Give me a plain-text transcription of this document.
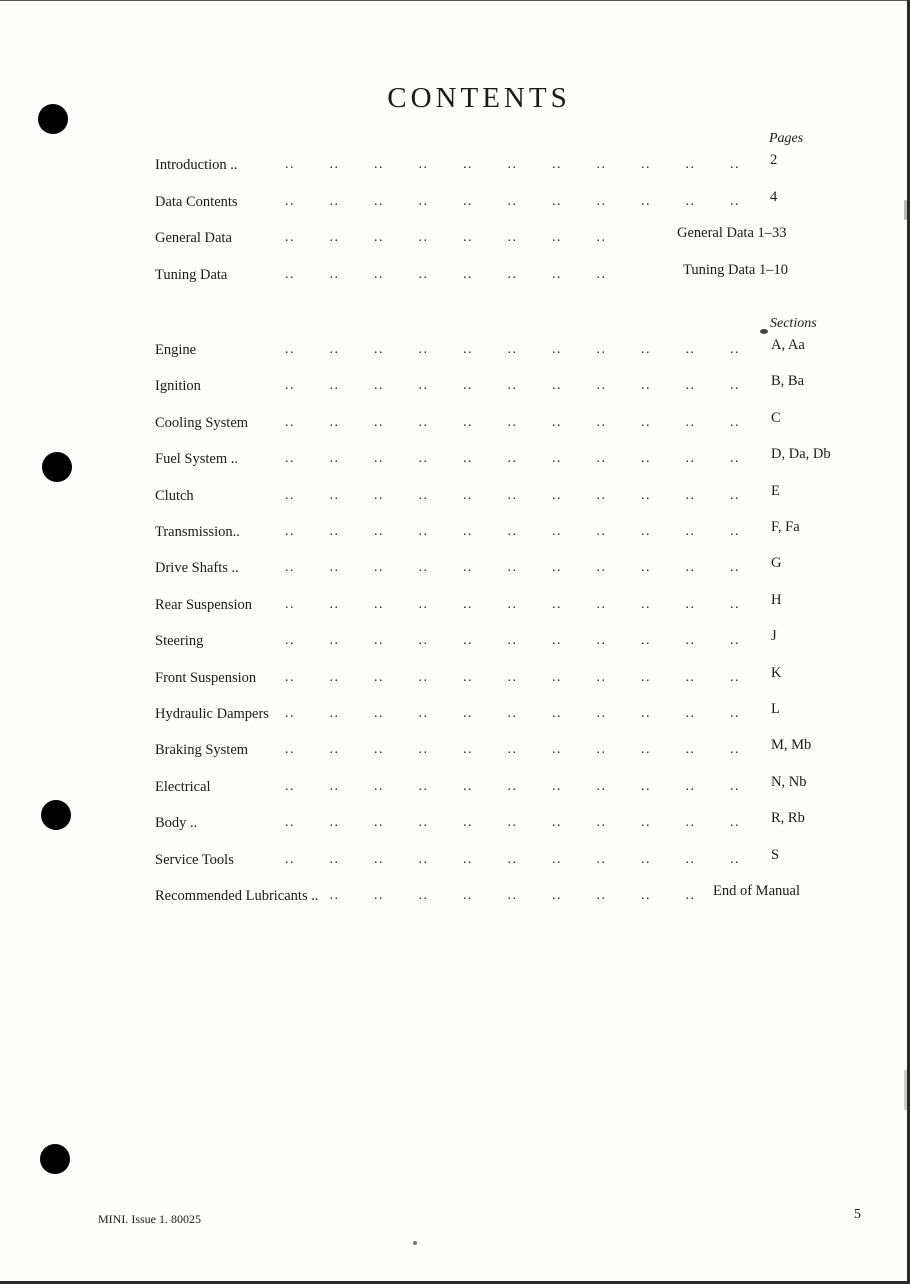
CONTENTS
Pages
Sections
Introduction ..	. .	. .	. .	. .	. .	. .	. .	. .	. .	. .	. . 2
Data Contents	. .	. .	. .	. .	. .	. .	. .	. .	. .	. .	. . 4
General Data	. .	. .	. .	. .	. .	. .	. .	. .	General Data 1–33
Tuning Data	. .	. .	. .	. .	. .	. .	. .	. .	Tuning Data 1–10
Engine	. .	. .	. .	. .	. .	. .	. .	. .	. .	. .	. . A, Aa
Ignition	. .	. .	. .	. .	. .	. .	. .	. .	. .	. .	. . B, Ba
Cooling System	. .	. .	. .	. .	. .	. .	. .	. .	. .	. .	. . C
Fuel System ..	. .	. .	. .	. .	. .	. .	. .	. .	. .	. .	. . D, Da, Db
Clutch	. .	. .	. .	. .	. .	. .	. .	. .	. .	. .	. . E
Transmission..	. .	. .	. .	. .	. .	. .	. .	. .	. .	. .	. . F, Fa
Drive Shafts ..	. .	. .	. .	. .	. .	. .	. .	. .	. .	. .	. . G
Rear Suspension . .	. .	. .	. .	. .	. .	. .	. .	. .	. .	. . H
Steering	. .	. .	. .	. .	. .	. .	. .	. .	. .	. .	. . J
Front Suspension . .	. .	. .	. .	. .	. .	. .	. .	. .	. .	. . K
Hydraulic Dampers . .	. .	. .	. .	. .	. .	. .	. .	. .	. .	. . L
Braking System	. .	. .	. .	. .	. .	. .	. .	. .	. .	. .	. . M, Mb
Electrical	. .	. .	. .	. .	. .	. .	. .	. .	. .	. .	. . N, Nb
Body ..	. .	. .	. .	. .	. .	. .	. .	. .	. .	. .	. . R, Rb
Service Tools	. .	. .	. .	. .	. .	. .	. .	. .	. .	. .	. . S
Recommended Lubricants .. . .	. .	. .	. .	. .	. .	. .	. .	. . End of Manual
MINI. Issue 1. 80025	5
